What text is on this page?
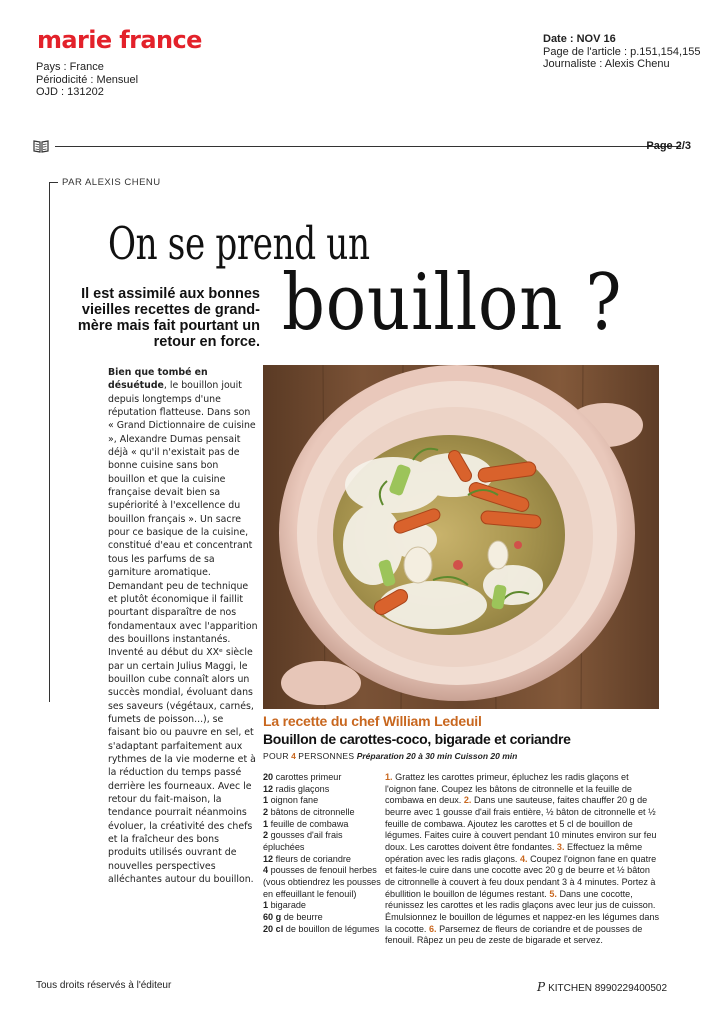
marie france
Pays : France
Périodicité : Mensuel
OJD : 131202
Date : NOV 16
Page de l'article : p.151,154,155
Journaliste : Alexis Chenu
Page 2/3
PAR ALEXIS CHENU
On se prend un
bouillon ?
Il est assimilé aux bonnes vieilles recettes de grand-mère mais fait pourtant un retour en force.

Bien que tombé en désuétude, le bouillon jouit depuis longtemps d'une réputation flatteuse. Dans son « Grand Dictionnaire de cuisine », Alexandre Dumas pensait déjà « qu'il n'existait pas de bonne cuisine sans bon bouillon et que la cuisine française devait bien sa supériorité à l'excellence du bouillon français ». Un sacre pour ce basique de la cuisine, constitué d'eau et concentrant tous les parfums de sa garniture aromatique. Demandant peu de technique et plutôt économique il faillit pourtant disparaître de nos fondamentaux avec l'apparition des bouillons instantanés.

Inventé au début du XXᵉ siècle par un certain Julius Maggi, le bouillon cube connaît alors un succès mondial, évoluant dans ses saveurs (végétaux, carnés, fumets de poisson...), se faisant bio ou pauvre en sel, et s'adaptant parfaitement aux rythmes de la vie moderne et à la réduction du temps passé derrière les fourneaux. Avec le retour du fait-maison, la tendance pourrait néanmoins évoluer, la créativité des chefs et la fraîcheur des bons produits utilisés ouvrant de nouvelles perspectives alléchantes autour du bouillon.

La recette du chef William Ledeuil
Bouillon de carottes-coco, bigarade et coriandre
POUR 4 PERSONNES Préparation 20 à 30 min Cuisson 20 min
20 carottes primeur
12 radis glaçons
1 oignon fane
2 bâtons de citronnelle
1 feuille de combawa
2 gousses d'ail frais épluchées
12 fleurs de coriandre
4 pousses de fenouil herbes (vous obtiendrez les pousses en effeuillant le fenouil)
1 bigarade
60 g de beurre
20 cl de bouillon de légumes
1. Grattez les carottes primeur, épluchez les radis glaçons et l'oignon fane. Coupez les bâtons de citronnelle et la feuille de combawa en deux. 2. Dans une sauteuse, faites chauffer 20 g de beurre avec 1 gousse d'ail frais entière, ½ bâton de citronnelle et ½ feuille de combawa. Ajoutez les carottes et 5 cl de bouillon de légumes. Faites cuire à couvert pendant 10 minutes environ sur feu doux. Les carottes doivent être fondantes. 3. Effectuez la même opération avec les radis glaçons. 4. Coupez l'oignon fane en quatre et faites-le cuire dans une cocotte avec 20 g de beurre et ½ bâton de citronnelle à couvert à feu doux pendant 3 à 4 minutes. Portez à ébullition le bouillon de légumes restant. 5. Dans une cocotte, réunissez les carottes et les radis glaçons avec leur jus de cuisson. Émulsionnez le bouillon de légumes et nappez-en les légumes dans la cocotte. 6. Parsemez de fleurs de coriandre et de pousses de fenouil. Râpez un peu de zeste de bigarade et servez.
Tous droits réservés à l'éditeur	P KITCHEN 8990229400502
